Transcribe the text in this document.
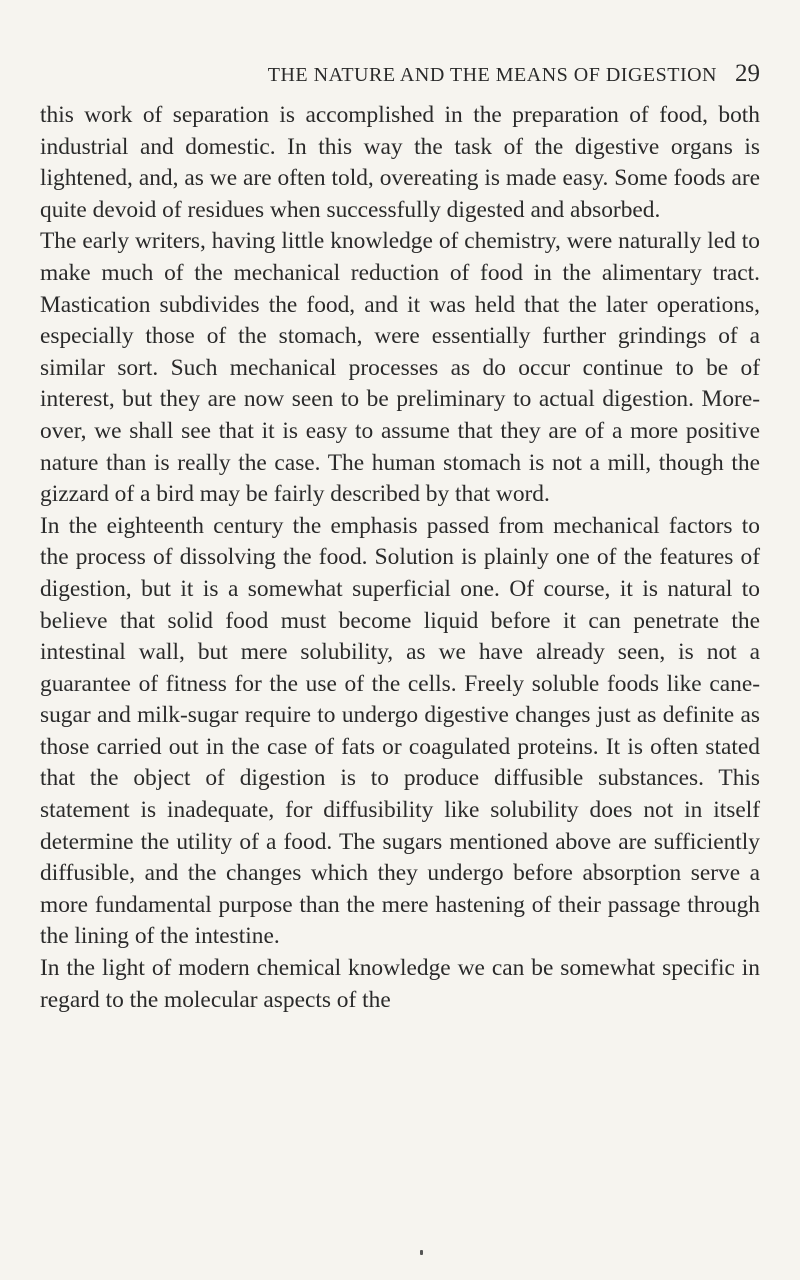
THE NATURE AND THE MEANS OF DIGESTION 29

this work of separation is accomplished in the preparation of food, both industrial and domestic. In this way the task of the digestive organs is lightened, and, as we are often told, overeating is made easy. Some foods are quite devoid of residues when successfully digested and absorbed.

The early writers, having little knowledge of chemistry, were naturally led to make much of the mechanical reduction of food in the alimentary tract. Mastication subdivides the food, and it was held that the later operations, especially those of the stomach, were essentially further grindings of a similar sort. Such mechanical processes as do occur continue to be of interest, but they are now seen to be preliminary to actual digestion. Moreover, we shall see that it is easy to assume that they are of a more positive nature than is really the case. The human stomach is not a mill, though the gizzard of a bird may be fairly described by that word.

In the eighteenth century the emphasis passed from mechanical factors to the process of dissolving the food. Solution is plainly one of the features of digestion, but it is a somewhat superficial one. Of course, it is natural to believe that solid food must become liquid before it can penetrate the intestinal wall, but mere solubility, as we have already seen, is not a guarantee of fitness for the use of the cells. Freely soluble foods like cane-sugar and milk-sugar require to undergo digestive changes just as definite as those carried out in the case of fats or coagulated proteins. It is often stated that the object of digestion is to produce diffusible substances. This statement is inadequate, for diffusibility like solubility does not in itself determine the utility of a food. The sugars mentioned above are sufficiently diffusible, and the changes which they undergo before absorption serve a more fundamental purpose than the mere hastening of their passage through the lining of the intestine.

In the light of modern chemical knowledge we can be somewhat specific in regard to the molecular aspects of the
